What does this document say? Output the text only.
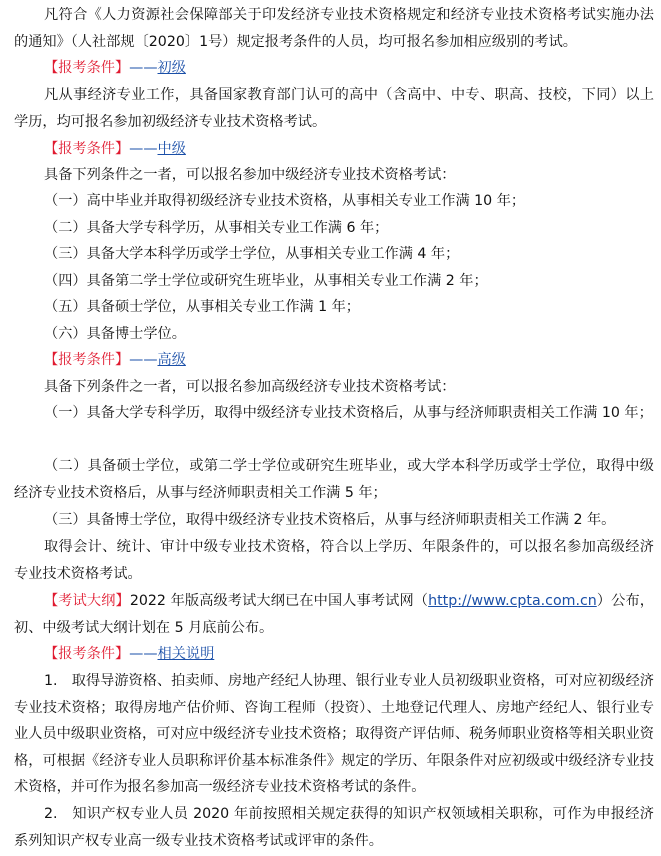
凡符合《人力资源社会保障部关于印发经济专业技术资格规定和经济专业技术资格考试实施办法的通知》（人社部规〔2020〕1号）规定报考条件的人员，均可报名参加相应级别的考试。

【报考条件】——初级

凡从事经济专业工作，具备国家教育部门认可的高中（含高中、中专、职高、技校，下同）以上学历，均可报名参加初级经济专业技术资格考试。

【报考条件】——中级

具备下列条件之一者，可以报名参加中级经济专业技术资格考试：

（一）高中毕业并取得初级经济专业技术资格，从事相关专业工作满 10 年；

（二）具备大学专科学历，从事相关专业工作满 6 年；

（三）具备大学本科学历或学士学位，从事相关专业工作满 4 年；

（四）具备第二学士学位或研究生班毕业，从事相关专业工作满 2 年；

（五）具备硕士学位，从事相关专业工作满 1 年；

（六）具备博士学位。

【报考条件】——高级

具备下列条件之一者，可以报名参加高级经济专业技术资格考试：

（一）具备大学专科学历，取得中级经济专业技术资格后，从事与经济师职责相关工作满 10 年；

（二）具备硕士学位，或第二学士学位或研究生班毕业，或大学本科学历或学士学位，取得中级经济专业技术资格后，从事与经济师职责相关工作满 5 年；

（三）具备博士学位，取得中级经济专业技术资格后，从事与经济师职责相关工作满 2 年。

取得会计、统计、审计中级专业技术资格，符合以上学历、年限条件的，可以报名参加高级经济专业技术资格考试。

【考试大纲】2022 年版高级考试大纲已在中国人事考试网（http://www.cpta.com.cn）公布，初、中级考试大纲计划在 5 月底前公布。

【报考条件】——相关说明

1.　取得导游资格、拍卖师、房地产经纪人协理、银行业专业人员初级职业资格，可对应初级经济专业技术资格；取得房地产估价师、咨询工程师（投资）、土地登记代理人、房地产经纪人、银行业专业人员中级职业资格，可对应中级经济专业技术资格；取得资产评估师、税务师职业资格等相关职业资格，可根据《经济专业人员职称评价基本标准条件》规定的学历、年限条件对应初级或中级经济专业技术资格，并可作为报名参加高一级经济专业技术资格考试的条件。

2.　知识产权专业人员 2020 年前按照相关规定获得的知识产权领域相关职称，可作为申报经济系列知识产权专业高一级专业技术资格考试或评审的条件。
